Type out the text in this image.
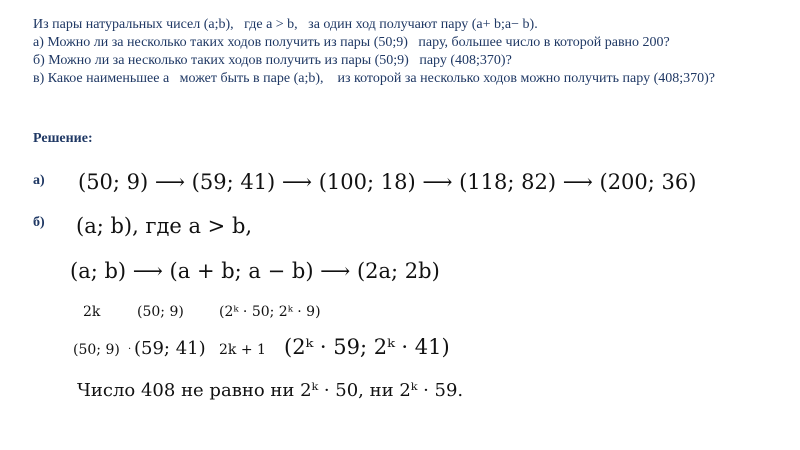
Из пары натуральных чисел (a;b),   где a > b,   за один ход получают пару (a+ b;a− b).

а) Можно ли за несколько таких ходов получить из пары (50;9)   пару, большее число в которой равно 200?

б) Можно ли за несколько таких ходов получить из пары (50;9)   пару (408;370)?

в) Какое наименьшее a   может быть в паре (a;b),    из которой за несколько ходов можно получить пару (408;370)?

Решение:
а) (50; 9) ⟶ (59; 41) ⟶ (100; 18) ⟶ (118; 82) ⟶ (200; 36)
б) (a; b), где a > b,
(a; b) ⟶ (a + b; a − b) ⟶ (2a; 2b)
2k	(50; 9)	(2ᵏ · 50; 2ᵏ · 9)
(50; 9) · (59; 41) 2k + 1 (2ᵏ · 59; 2ᵏ · 41)
Число 408 не равно ни 2ᵏ · 50, ни 2ᵏ · 59.
